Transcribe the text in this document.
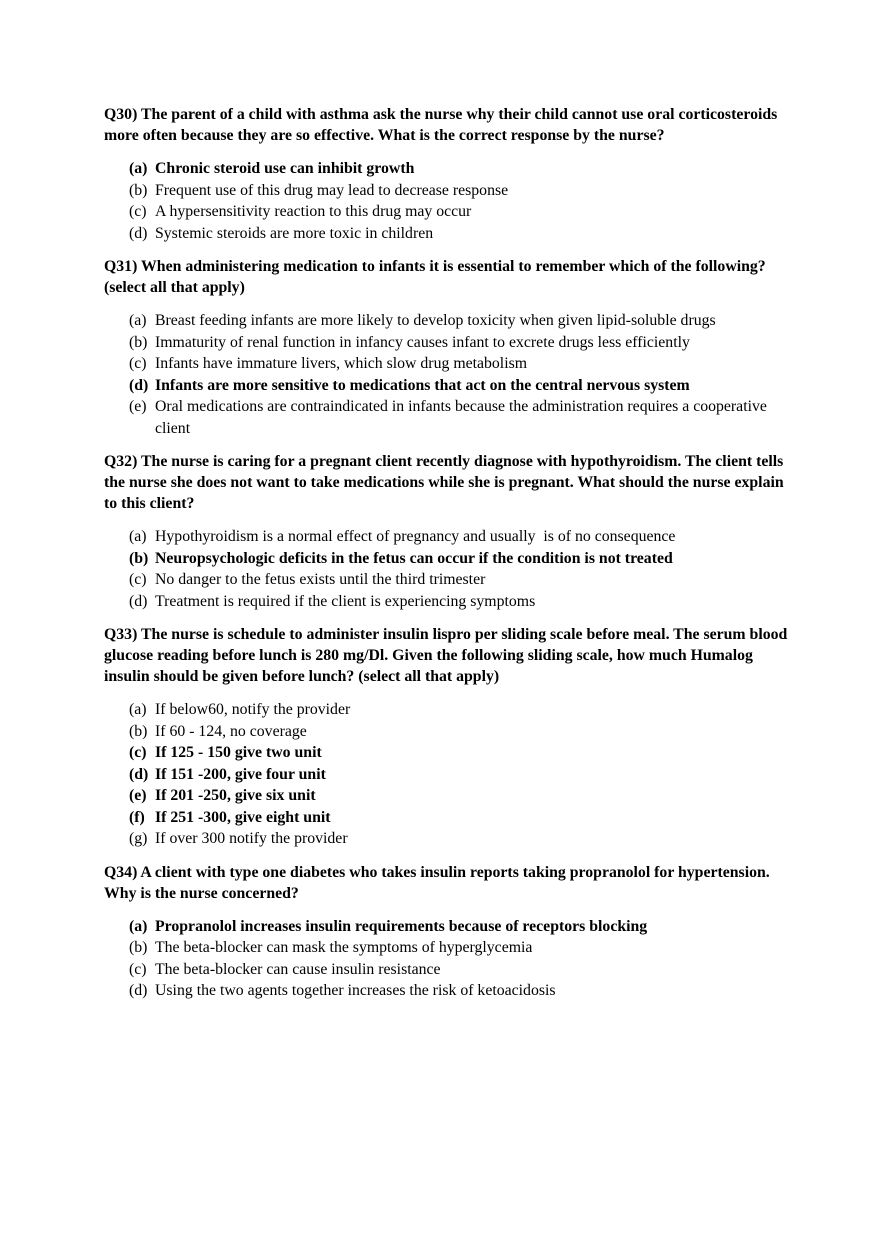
Q30) The parent of a child with asthma ask the nurse why their child cannot use oral corticosteroids more often because they are so effective. What is the correct response by the nurse?

(a) Chronic steroid use can inhibit growth
(b) Frequent use of this drug may lead to decrease response
(c) A hypersensitivity reaction to this drug may occur
(d) Systemic steroids are more toxic in children

Q31) When administering medication to infants it is essential to remember which of the following? (select all that apply)

(a) Breast feeding infants are more likely to develop toxicity when given lipid-soluble drugs
(b) Immaturity of renal function in infancy causes infant to excrete drugs less efficiently
(c) Infants have immature livers, which slow drug metabolism
(d) Infants are more sensitive to medications that act on the central nervous system
(e) Oral medications are contraindicated in infants because the administration requires a cooperative client

Q32) The nurse is caring for a pregnant client recently diagnose with hypothyroidism. The client tells the nurse she does not want to take medications while she is pregnant. What should the nurse explain to this client?

(a) Hypothyroidism is a normal effect of pregnancy and usually  is of no consequence
(b) Neuropsychologic deficits in the fetus can occur if the condition is not treated
(c) No danger to the fetus exists until the third trimester
(d) Treatment is required if the client is experiencing symptoms

Q33) The nurse is schedule to administer insulin lispro per sliding scale before meal. The serum blood glucose reading before lunch is 280 mg/Dl. Given the following sliding scale, how much Humalog insulin should be given before lunch? (select all that apply)

(a) If below60, notify the provider
(b) If 60 - 124, no coverage
(c) If 125 - 150 give two unit
(d) If 151 -200, give four unit
(e) If 201 -250, give six unit
(f) If 251 -300, give eight unit
(g) If over 300 notify the provider

Q34) A client with type one diabetes who takes insulin reports taking propranolol for hypertension. Why is the nurse concerned?

(a) Propranolol increases insulin requirements because of receptors blocking
(b) The beta-blocker can mask the symptoms of hyperglycemia
(c) The beta-blocker can cause insulin resistance
(d) Using the two agents together increases the risk of ketoacidosis
